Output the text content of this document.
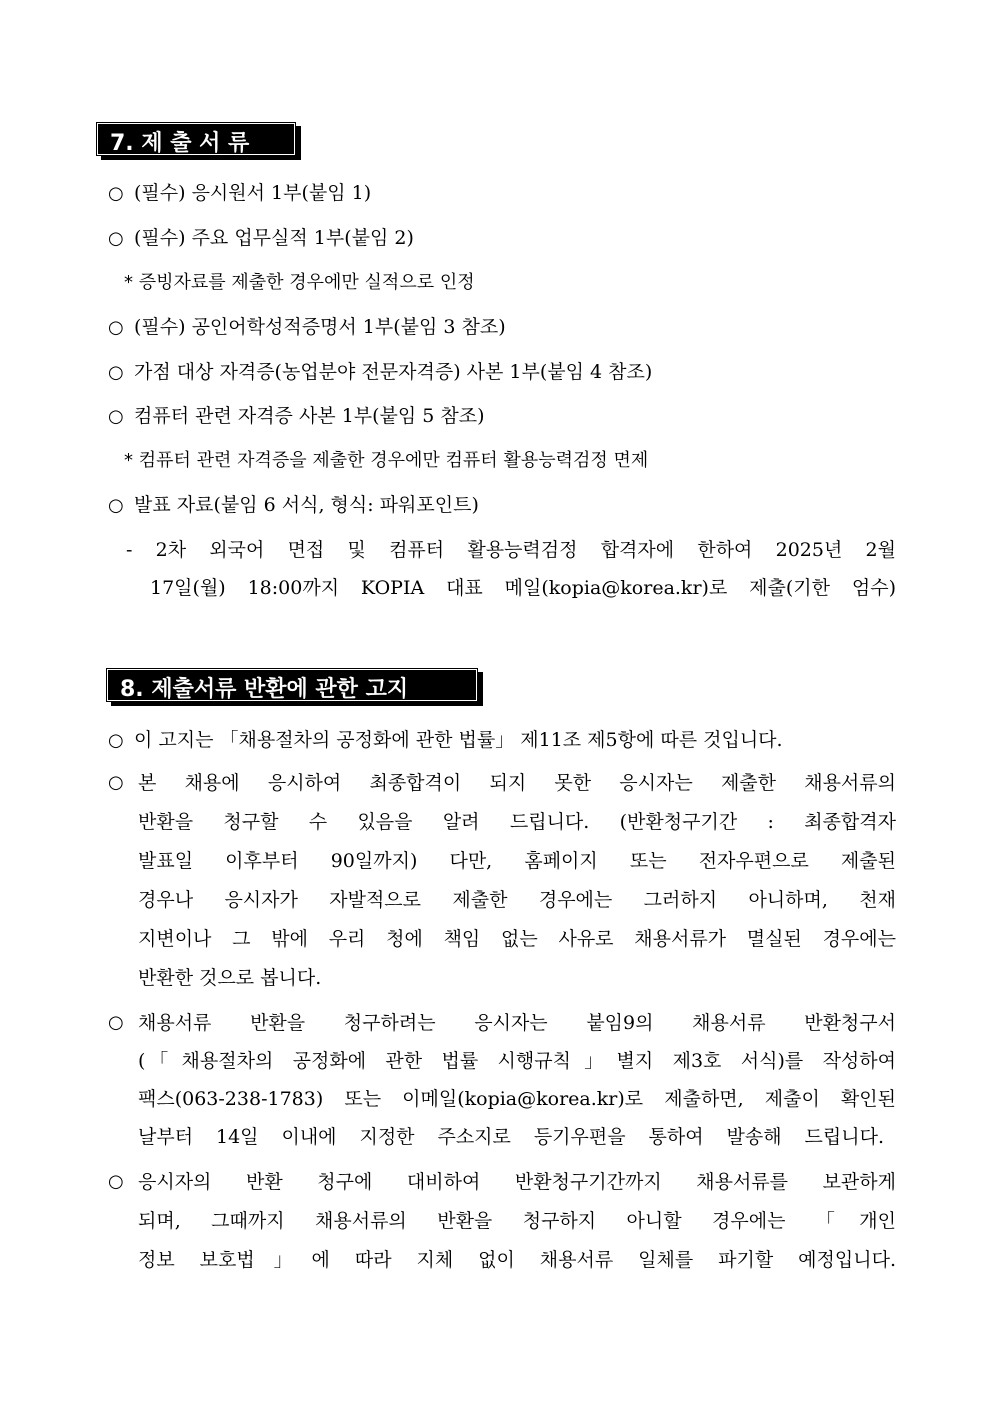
7. 제 출 서 류
○ (필수) 응시원서 1부(붙임 1)
○ (필수) 주요 업무실적 1부(붙임 2)
* 증빙자료를 제출한 경우에만 실적으로 인정
○ (필수) 공인어학성적증명서 1부(붙임 3 참조)
○ 가점 대상 자격증(농업분야 전문자격증) 사본 1부(붙임 4 참조)
○ 컴퓨터 관련 자격증 사본 1부(붙임 5 참조)
* 컴퓨터 관련 자격증을 제출한 경우에만 컴퓨터 활용능력검정 면제
○ 발표 자료(붙임 6 서식, 형식: 파워포인트)
- 2차 외국어 면접 및 컴퓨터 활용능력검정 합격자에 한하여 2025년 2월
17일(월) 18:00까지 KOPIA 대표 메일(kopia@korea.kr)로 제출(기한 엄수)
8. 제출서류 반환에 관한 고지
○ 이 고지는 「채용절차의 공정화에 관한 법률」 제11조 제5항에 따른 것입니다.
○ 본 채용에 응시하여 최종합격이 되지 못한 응시자는 제출한 채용서류의
반환을 청구할 수 있음을 알려 드립니다. (반환청구기간 : 최종합격자
발표일 이후부터 90일까지) 다만, 홈페이지 또는 전자우편으로 제출된
경우나 응시자가 자발적으로 제출한 경우에는 그러하지 아니하며, 천재
지변이나 그 밖에 우리 청에 책임 없는 사유로 채용서류가 멸실된 경우에는
반환한 것으로 봅니다.
○ 채용서류 반환을 청구하려는 응시자는 붙임9의 채용서류 반환청구서
(「채용절차의 공정화에 관한 법률 시행규칙」별지 제3호 서식)를 작성하여
팩스(063-238-1783) 또는 이메일(kopia@korea.kr)로 제출하면, 제출이 확인된
날부터 14일 이내에 지정한 주소지로 등기우편을 통하여 발송해 드립니다.
○ 응시자의 반환 청구에 대비하여 반환청구기간까지 채용서류를 보관하게
되며, 그때까지 채용서류의 반환을 청구하지 아니할 경우에는 「개인
정보 보호법」에 따라 지체 없이 채용서류 일체를 파기할 예정입니다.
